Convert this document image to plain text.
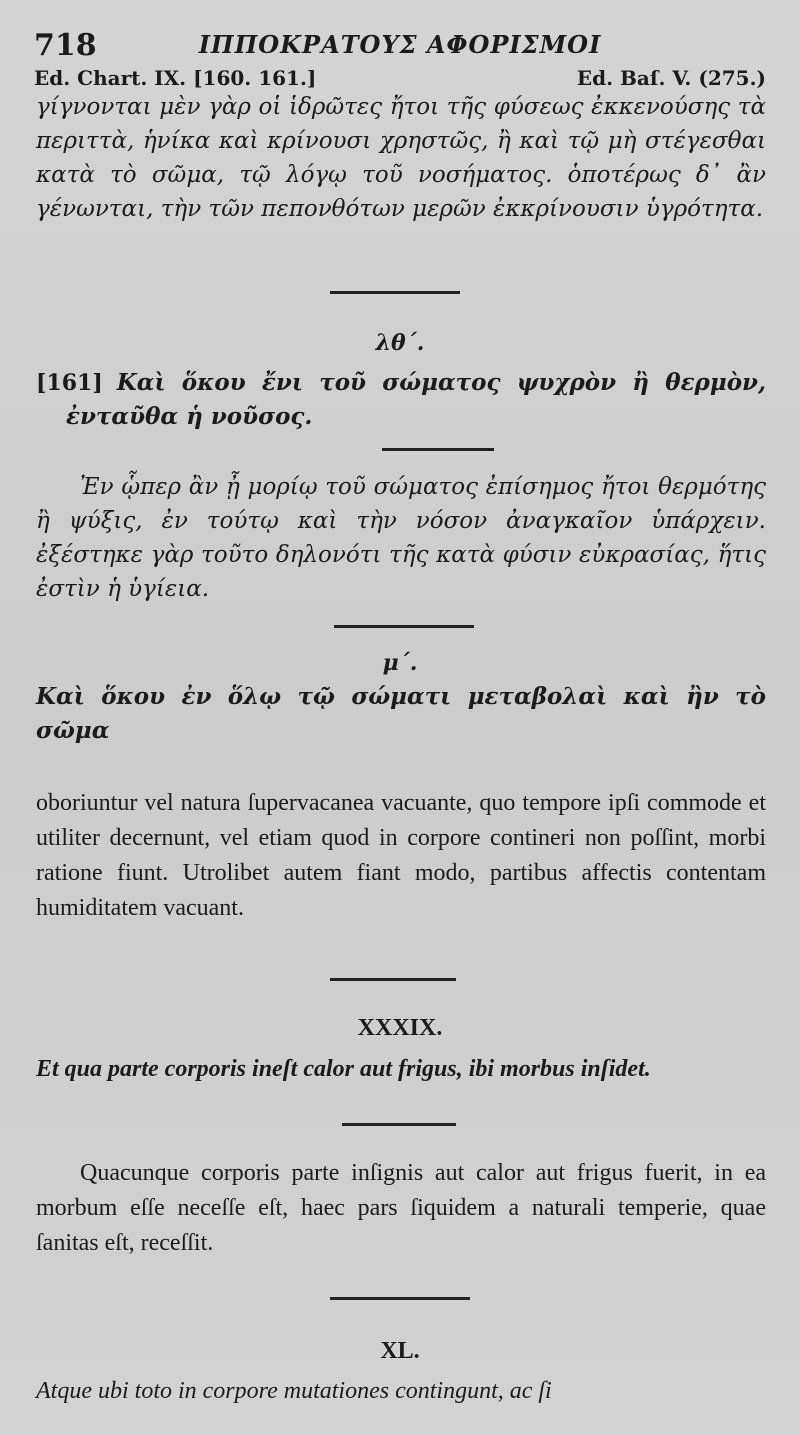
718	ΙΠΠΟΚΡΑΤΟΥΣ ΑΦΟΡΙΣΜΟΙ
Ed. Chart. IX. [160. 161.]	Ed. Baſ. V. (275.)
γίγνονται μὲν γὰρ οἱ ἱδρῶτες ἤτοι τῆς φύσεως ἐκκενούσης τὰ περιττὰ, ἡνίκα καὶ κρίνουσι χρηστῶς, ἢ καὶ τῷ μὴ στέγεσθαι κατὰ τὸ σῶμα, τῷ λόγῳ τοῦ νοσήματος. ὁποτέρως δ᾽ ἂν γένωνται, τὴν τῶν πεπονθότων μερῶν ἐκκρίνουσιν ὑγρότητα.
λθ΄.
[161] Καὶ ὅκου ἔνι τοῦ σώματος ψυχρὸν ἢ θερμὸν, ἐνταῦθα ἡ νοῦσος.
Ἐν ᾧπερ ἂν ᾖ μορίῳ τοῦ σώματος ἐπίσημος ἤτοι θερμότης ἢ ψύξις, ἐν τούτῳ καὶ τὴν νόσον ἀναγκαῖον ὑπάρχειν. ἐξέστηκε γὰρ τοῦτο δηλονότι τῆς κατὰ φύσιν εὐκρασίας, ἥτις ἐστὶν ἡ ὑγίεια.
μ΄.
Καὶ ὅκου ἐν ὅλῳ τῷ σώματι μεταβολαὶ καὶ ἢν τὸ σῶμα
oboriuntur vel natura ſupervacanea vacuante, quo tempore ipſi commode et utiliter decernunt, vel etiam quod in corpore contineri non poſſint, morbi ratione fiunt. Utrolibet autem fiant modo, partibus affectis contentam humiditatem vacuant.
XXXIX.
Et qua parte corporis ineſt calor aut frigus, ibi morbus inſidet.
Quacunque corporis parte inſignis aut calor aut frigus fuerit, in ea morbum eſſe neceſſe eſt, haec pars ſiquidem a naturali temperie, quae ſanitas eſt, receſſit.
XL.
Atque ubi toto in corpore mutationes contingunt, ac ſi
